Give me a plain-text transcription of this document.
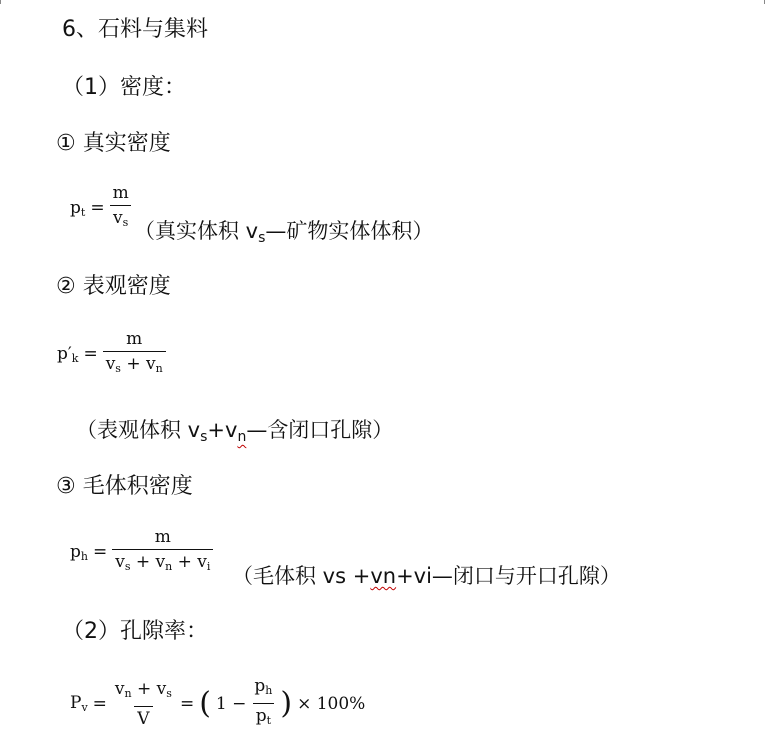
6、石料与集料
（1）密度：
① 真实密度
$p_t = \frac{m}{v_s}$ （真实体积 vs—矿物实体体积）
② 表观密度
$p'_k = \frac{m}{v_s + v_n}$
（表观体积 vs+vn—含闭口孔隙）
③ 毛体积密度
$p_h = \frac{m}{v_s + v_n + v_i}$ （毛体积 vs +vn+vi—闭口与开口孔隙）
（2）孔隙率：
$P_v = \frac{v_n + v_s}{V}$ = ( $1 - \frac{p_h}{p_t}$ ) × 100%
